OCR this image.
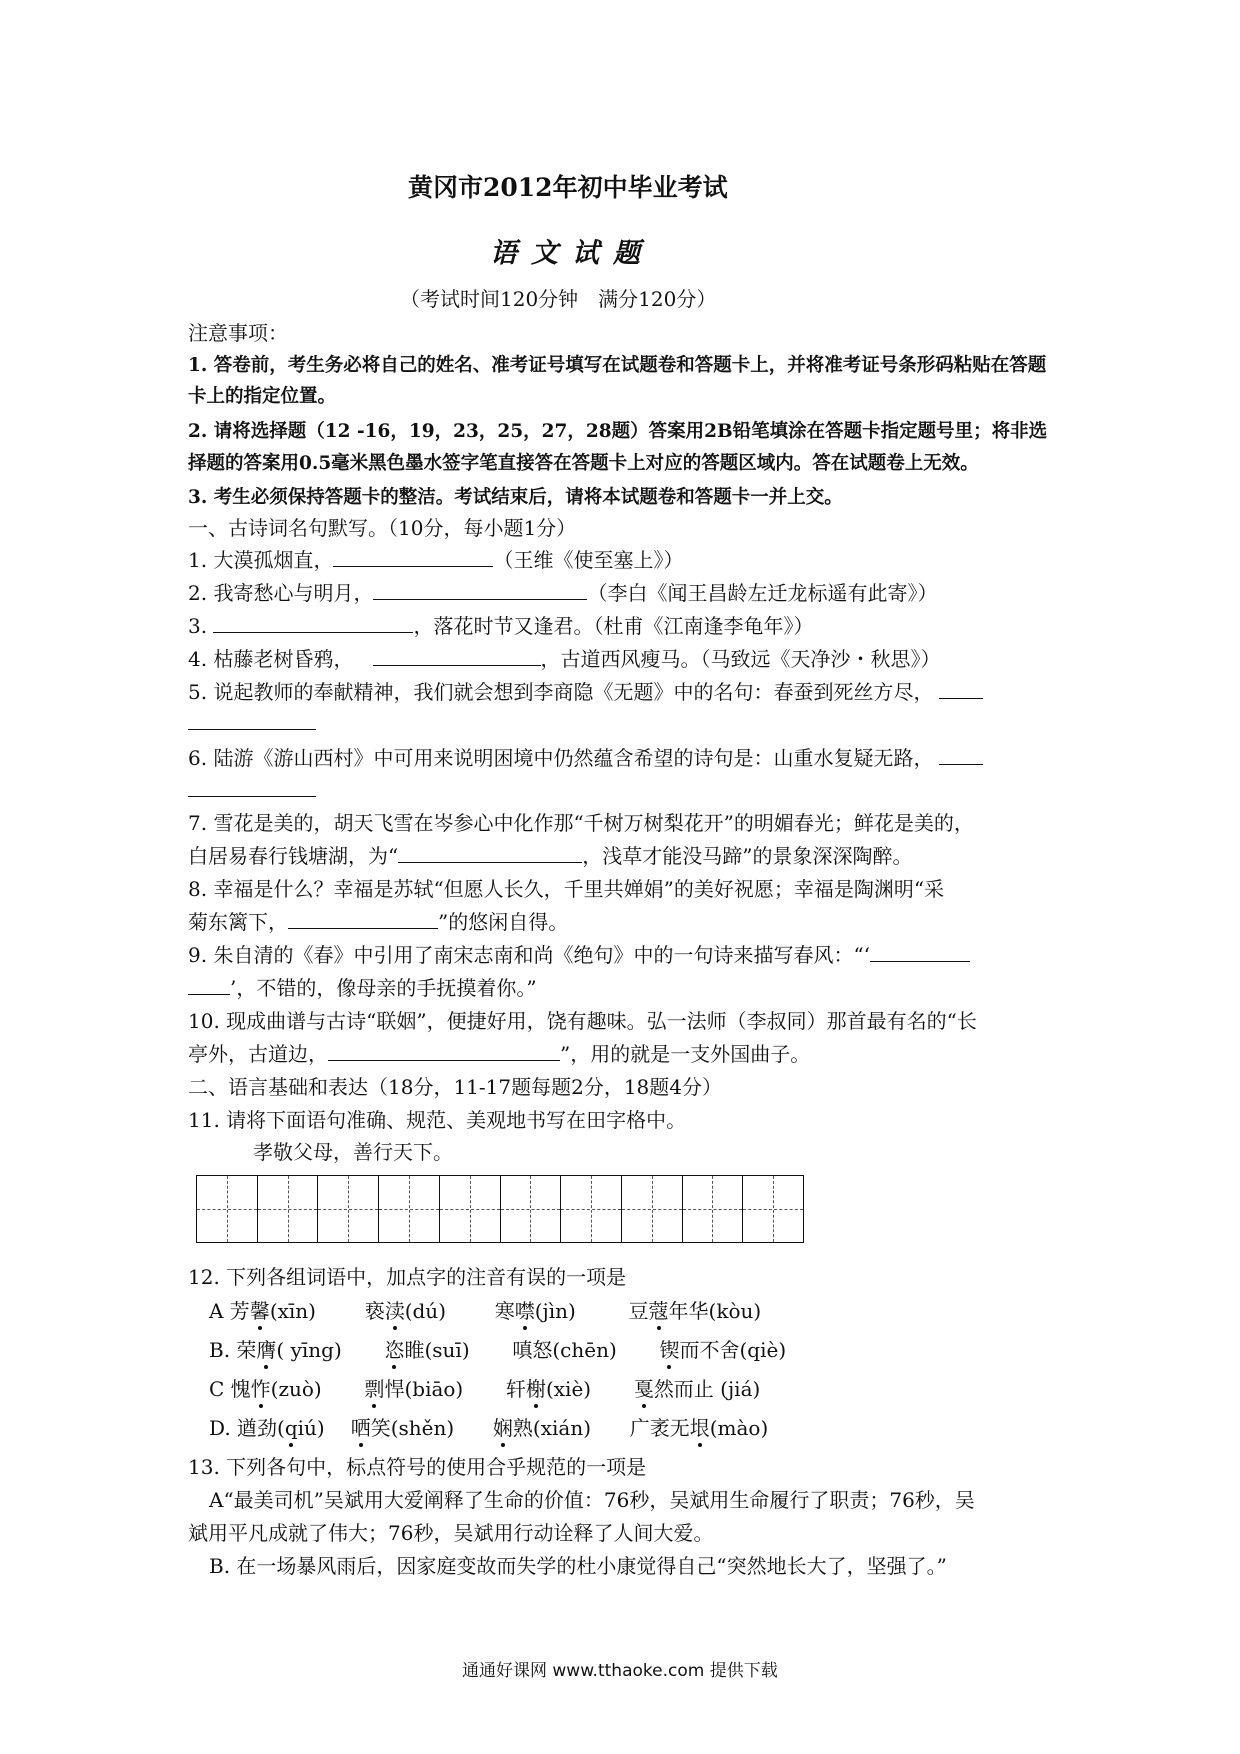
黄冈市2012年初中毕业考试
语文试题
（考试时间120分钟　满分120分）
注意事项：
1. 答卷前，考生务必将自己的姓名、准考证号填写在试题卷和答题卡上，并将准考证号条形码粘贴在答题
卡上的指定位置。
2. 请将选择题（12 -16，19，23，25，27，28题）答案用2B铅笔填涂在答题卡指定题号里；将非选
择题的答案用0.5毫米黑色墨水签字笔直接答在答题卡上对应的答题区域内。答在试题卷上无效。
3. 考生必须保持答题卡的整洁。考试结束后，请将本试题卷和答题卡一并上交。
一、古诗词名句默写。（10分，每小题1分）
1. 大漠孤烟直，	（王维《使至塞上》）
2. 我寄愁心与明月，	（李白《闻王昌龄左迁龙标遥有此寄》）
3.	，落花时节又逢君。（杜甫《江南逢李龟年》）
4. 枯藤老树昏鸦，	，古道西风瘦马。（马致远《天净沙・秋思》）
5. 说起教师的奉献精神，我们就会想到李商隐《无题》中的名句：春蚕到死丝方尽，
6. 陆游《游山西村》中可用来说明困境中仍然蕴含希望的诗句是：山重水复疑无路，
7. 雪花是美的，胡天飞雪在岑参心中化作那“千树万树梨花开”的明媚春光；鲜花是美的，
白居易春行钱塘湖，为“	，浅草才能没马蹄”的景象深深陶醉。
8. 幸福是什么？幸福是苏轼“但愿人长久，千里共婵娟”的美好祝愿；幸福是陶渊明“采
菊东篱下，	”的悠闲自得。
9. 朱自清的《春》中引用了南宋志南和尚《绝句》中的一句诗来描写春风：“‘
’，不错的，像母亲的手抚摸着你。”
10. 现成曲谱与古诗“联姻”，便捷好用，饶有趣味。弘一法师（李叔同）那首最有名的“长
亭外，古道边，	”，用的就是一支外国曲子。
二、语言基础和表达（18分，11-17题每题2分，18题4分）
11. 请将下面语句准确、规范、美观地书写在田字格中。
孝敬父母，善行天下。
12. 下列各组词语中，加点字的注音有误的一项是
A 芳馨(xīn) 亵渎(dú) 寒噤(jìn)	豆蔻年华(kòu)
B. 荣膺( yīng) 恣睢(suī) 嗔怒(chēn) 锲而不舍(qiè)
C 愧怍(zuò) 剽悍(biāo) 轩榭(xiè) 戛然而止 (jiá)
D. 遒劲(qiú) 哂笑(shěn) 娴熟(xián) 广袤无垠(mào)
13. 下列各句中，标点符号的使用合乎规范的一项是
A“最美司机”吴斌用大爱阐释了生命的价值：76秒，吴斌用生命履行了职责；76秒，吴
斌用平凡成就了伟大；76秒，吴斌用行动诠释了人间大爱。
B. 在一场暴风雨后，因家庭变故而失学的杜小康觉得自己“突然地长大了，坚强了。”
通通好课网 www.tthaoke.com 提供下载
